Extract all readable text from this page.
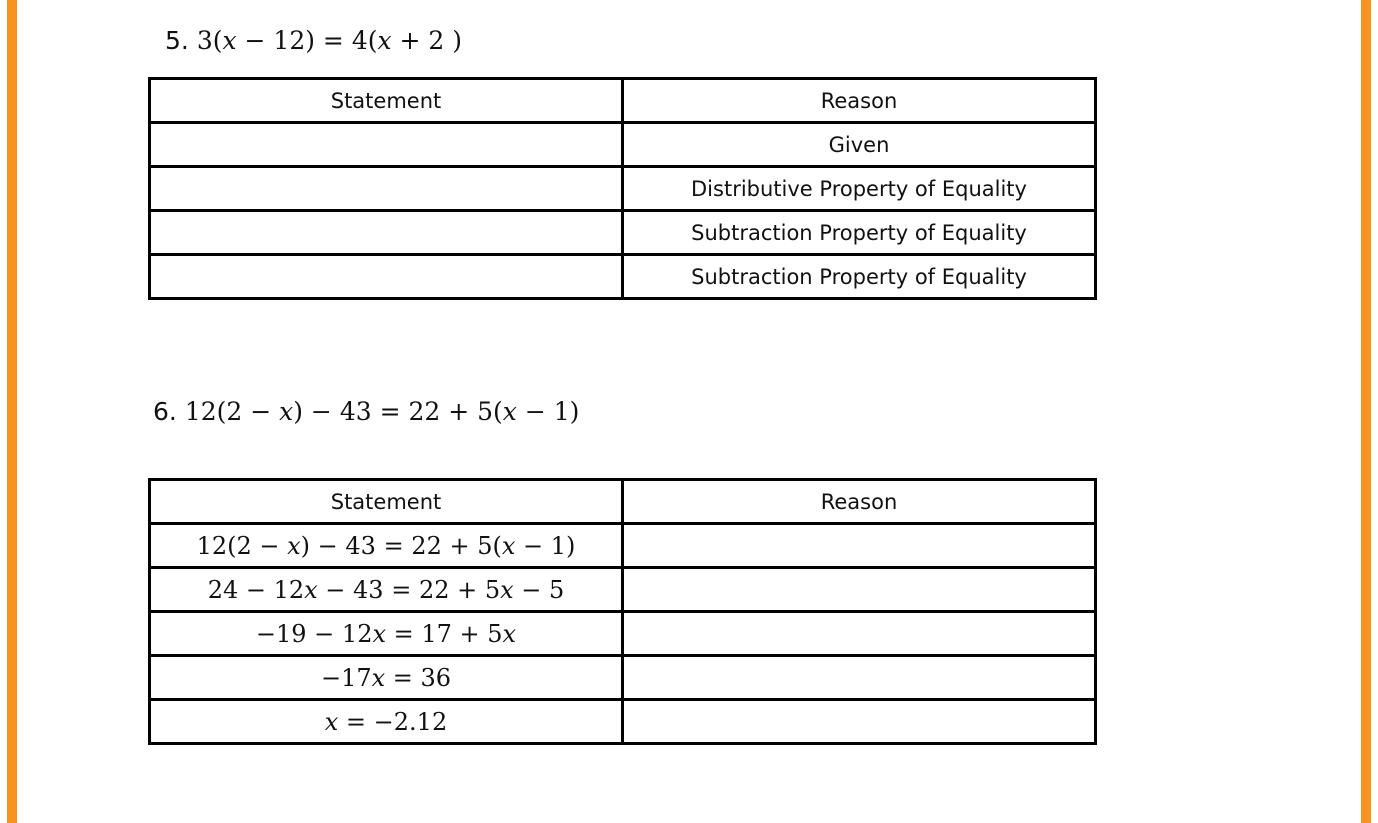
5. 3(𝑥 − 12) = 4(𝑥 + 2 )
Statement	Reason
	Given
	Distributive Property of Equality
	Subtraction Property of Equality
	Subtraction Property of Equality
6. 12(2 − 𝑥) − 43 = 22 + 5(𝑥 − 1)
Statement	Reason
12(2 − 𝑥) − 43 = 22 + 5(𝑥 − 1)	
24 − 12𝑥 − 43 = 22 + 5𝑥 − 5	
−19 − 12𝑥 = 17 + 5𝑥	
−17𝑥 = 36	
𝑥 = −2.12	
